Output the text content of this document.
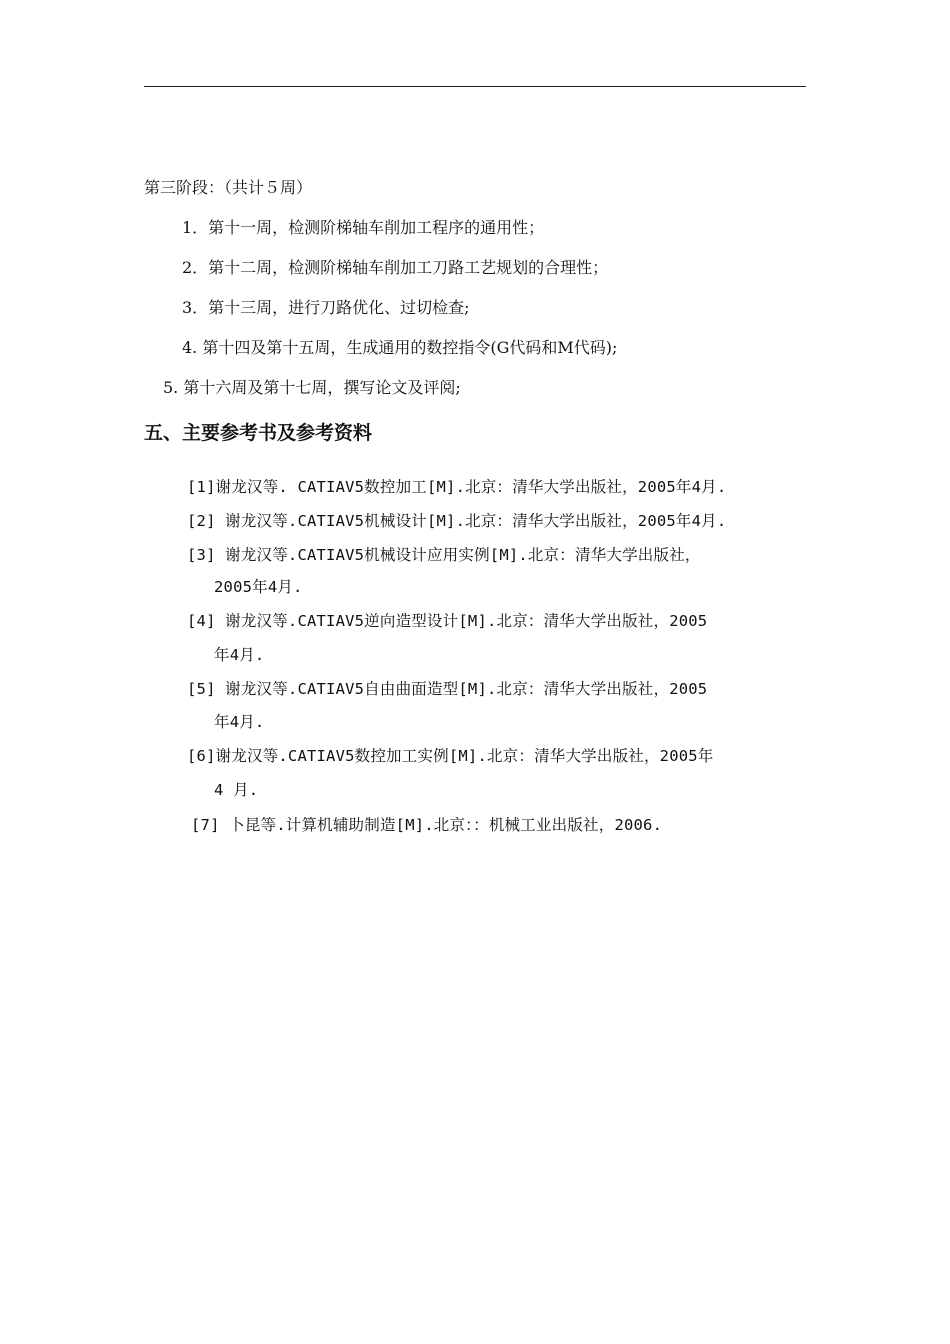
第三阶段：（共计５周）
1．第十一周，检测阶梯轴车削加工程序的通用性；
2．第十二周，检测阶梯轴车削加工刀路工艺规划的合理性；
3．第十三周，进行刀路优化、过切检查;
4. 第十四及第十五周，生成通用的数控指令(G代码和M代码);
5. 第十六周及第十七周，撰写论文及评阅;
五、主要参考书及参考资料
[1]谢龙汉等. CATIAV5数控加工[M].北京：清华大学出版社，2005年4月.
[2] 谢龙汉等.CATIAV5机械设计[M].北京：清华大学出版社，2005年4月.
[3] 谢龙汉等.CATIAV5机械设计应用实例[M].北京：清华大学出版社，
2005年4月.
[4] 谢龙汉等.CATIAV5逆向造型设计[M].北京：清华大学出版社，2005
年4月.
[5] 谢龙汉等.CATIAV5自由曲面造型[M].北京：清华大学出版社，2005
年4月.
[6]谢龙汉等.CATIAV5数控加工实例[M].北京：清华大学出版社，2005年
4 月.
[7] 卜昆等.计算机辅助制造[M].北京：：机械工业出版社，2006.
